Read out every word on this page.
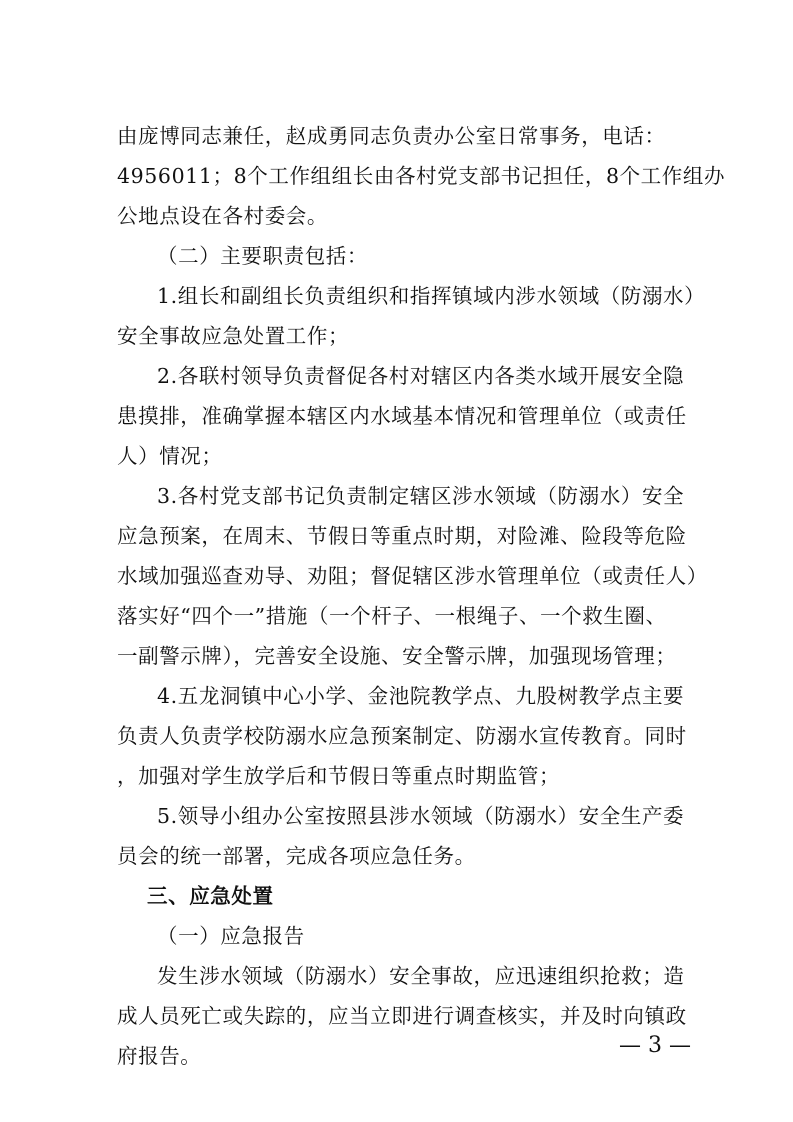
由庞博同志兼任，赵成勇同志负责办公室日常事务，电话：
4956011；8个工作组组长由各村党支部书记担任，8个工作组办
公地点设在各村委会。
（二）主要职责包括：
1.组长和副组长负责组织和指挥镇域内涉水领域（防溺水）
安全事故应急处置工作；
2.各联村领导负责督促各村对辖区内各类水域开展安全隐
患摸排，准确掌握本辖区内水域基本情况和管理单位（或责任
人）情况；
3.各村党支部书记负责制定辖区涉水领域（防溺水）安全
应急预案，在周末、节假日等重点时期，对险滩、险段等危险
水域加强巡查劝导、劝阻；督促辖区涉水管理单位（或责任人）
落实好“四个一”措施（一个杆子、一根绳子、一个救生圈、
一副警示牌），完善安全设施、安全警示牌，加强现场管理；
4.五龙洞镇中心小学、金池院教学点、九股树教学点主要
负责人负责学校防溺水应急预案制定、防溺水宣传教育。同时
，加强对学生放学后和节假日等重点时期监管；
5.领导小组办公室按照县涉水领域（防溺水）安全生产委
员会的统一部署，完成各项应急任务。
三、应急处置
（一）应急报告
发生涉水领域（防溺水）安全事故，应迅速组织抢救；造
成人员死亡或失踪的，应当立即进行调查核实，并及时向镇政
府报告。	— 3 —
